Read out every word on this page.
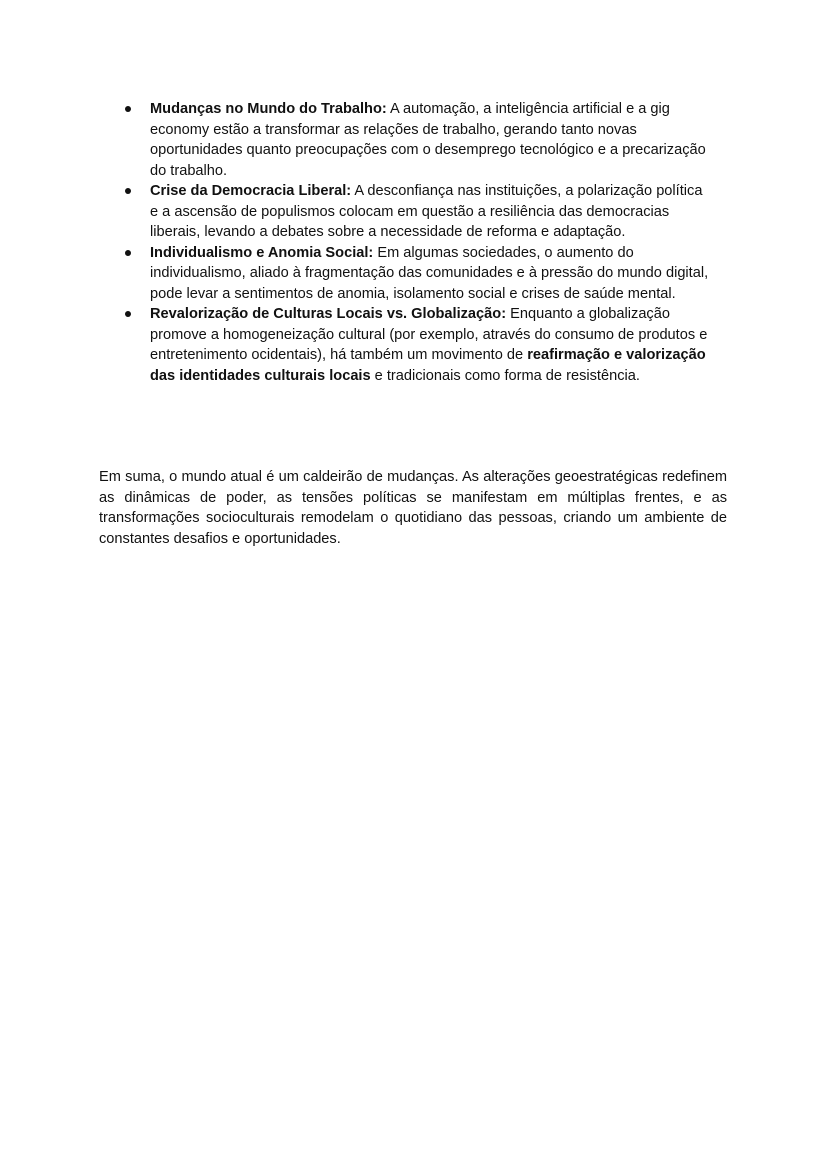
Mudanças no Mundo do Trabalho: A automação, a inteligência artificial e a gig economy estão a transformar as relações de trabalho, gerando tanto novas oportunidades quanto preocupações com o desemprego tecnológico e a precarização do trabalho.
Crise da Democracia Liberal: A desconfiança nas instituições, a polarização política e a ascensão de populismos colocam em questão a resiliência das democracias liberais, levando a debates sobre a necessidade de reforma e adaptação.
Individualismo e Anomia Social: Em algumas sociedades, o aumento do individualismo, aliado à fragmentação das comunidades e à pressão do mundo digital, pode levar a sentimentos de anomia, isolamento social e crises de saúde mental.
Revalorização de Culturas Locais vs. Globalização: Enquanto a globalização promove a homogeneização cultural (por exemplo, através do consumo de produtos e entretenimento ocidentais), há também um movimento de reafirmação e valorização das identidades culturais locais e tradicionais como forma de resistência.

Em suma, o mundo atual é um caldeirão de mudanças. As alterações geoestratégicas redefinem as dinâmicas de poder, as tensões políticas se manifestam em múltiplas frentes, e as transformações socioculturais remodelam o quotidiano das pessoas, criando um ambiente de constantes desafios e oportunidades.
